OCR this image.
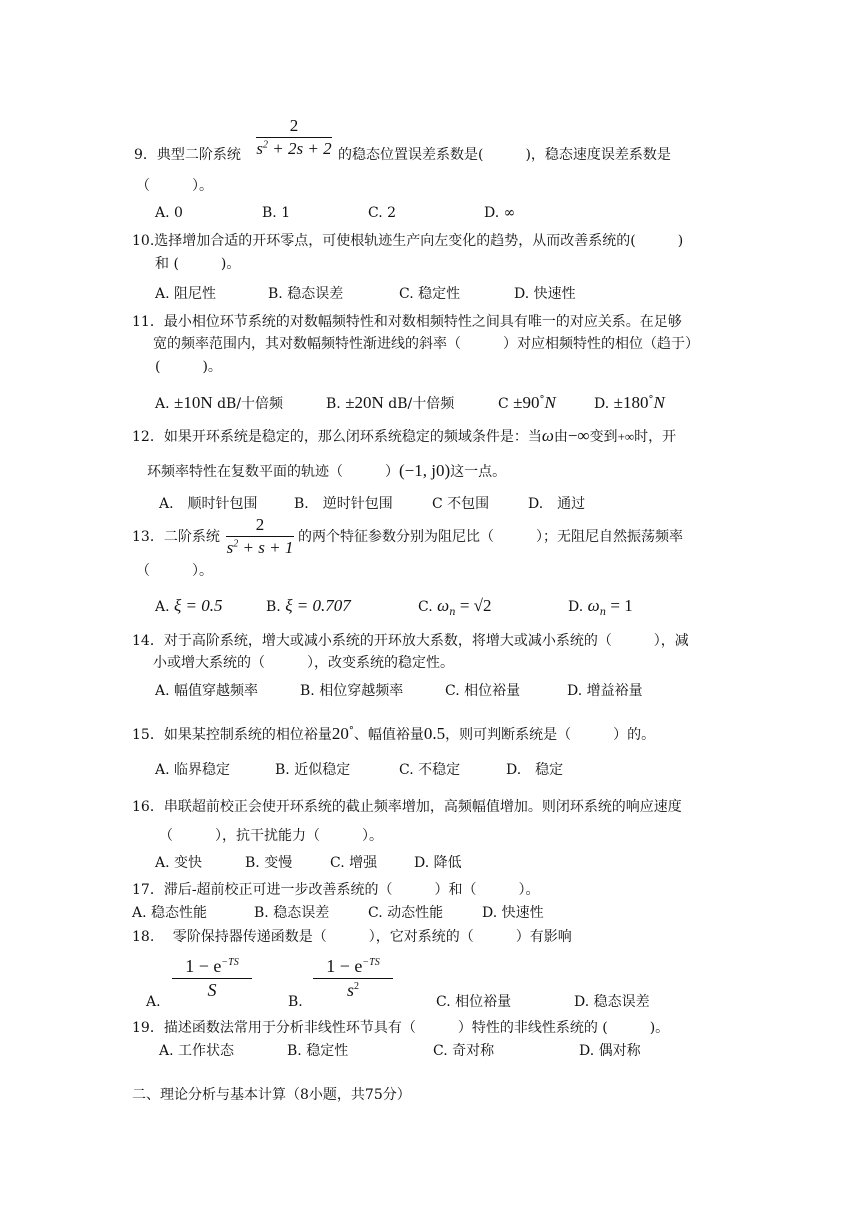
2
$s^2 + 2s + 2$
9．典型二阶系统	的稳态位置误差系数是(　　　)，稳态速度误差系数是
（　　　）。
A. 0	B. 1	C. 2	D. ∞
10.选择增加合适的开环零点，可使根轨迹生产向左变化的趋势，从而改善系统的(　　　)
和 (　　　)。
A. 阻尼性	B. 稳态误差	C. 稳定性	D. 快速性
11．最小相位环节系统的对数幅频特性和对数相频特性之间具有唯一的对应关系。在足够
宽的频率范围内，其对数幅频特性渐进线的斜率（　　　）对应相频特性的相位（趋于）
(　　　)。
A. ±10N dB/十倍频	B. ±20N dB/十倍频	C ±90°N	D. ±180°N
12．如果开环系统是稳定的，那么闭环系统稳定的频域条件是：当ω由−∞变到+∞时，开
环频率特性在复数平面的轨迹（　　　）(−1, j0)这一点。
A.　顺时针包围	B.　逆时针包围	C 不包围	D.　通过
2
$s^2 + s + 1$
13．二阶系统	的两个特征参数分别为阻尼比（　　　）；无阻尼自然振荡频率
（　　　）。
A. ξ = 0.5	B. ξ = 0.707	C. $\omega_n = √2$	D. $\omega_n = 1$
14．对于高阶系统，增大或减小系统的开环放大系数，将增大或减小系统的（　　　），减
小或增大系统的（　　　），改变系统的稳定性。
A. 幅值穿越频率	B. 相位穿越频率	C. 相位裕量	D. 增益裕量
15．如果某控制系统的相位裕量20°、幅值裕量0.5，则可判断系统是（　　　）的。
A. 临界稳定	B. 近似稳定	C. 不稳定	D.　稳定
16．串联超前校正会使开环系统的截止频率增加，高频幅值增加。则闭环系统的响应速度
（　　　），抗干扰能力（　　　）。
A. 变快	B. 变慢	C. 增强	D. 降低
17．滞后-超前校正可进一步改善系统的（　　　）和（　　　）。
A. 稳态性能	B. 稳态误差	C. 动态性能	D. 快速性
18.　 零阶保持器传递函数是（　　　），它对系统的（　　　）有影响
$1 - e^{-TS}$
S
$1 - e^{-TS}$
$s^2$
A.	B.	C. 相位裕量	D. 稳态误差
19．描述函数法常用于分析非线性环节具有（　　　）特性的非线性系统的 (　　　)。
A. 工作状态	B. 稳定性	C. 奇对称	D. 偶对称
二、理论分析与基本计算（8小题，共75分）
